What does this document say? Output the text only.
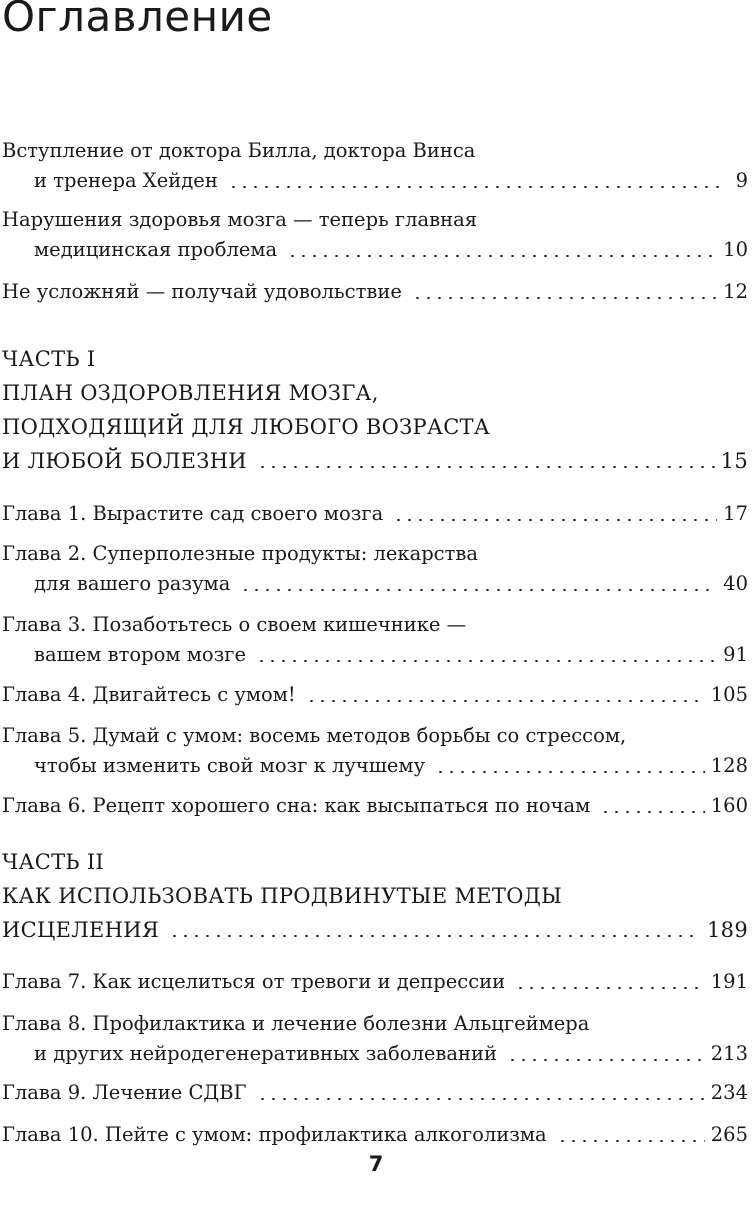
Оглавление
Вступление от доктора Билла, доктора Винса
и тренера Хейден	9
Нарушения здоровья мозга — теперь главная
медицинская проблема	10
Не усложняй — получай удовольствие	12
ЧАСТЬ I
ПЛАН ОЗДОРОВЛЕНИЯ МОЗГА,
ПОДХОДЯЩИЙ ДЛЯ ЛЮБОГО ВОЗРАСТА
И ЛЮБОЙ БОЛЕЗНИ	15
Глава 1. Вырастите сад своего мозга	17
Глава 2. Суперполезные продукты: лекарства
для вашего разума	40
Глава 3. Позаботьтесь о своем кишечнике —
вашем втором мозге	91
Глава 4. Двигайтесь с умом!	105
Глава 5. Думай с умом: восемь методов борьбы со стрессом,
чтобы изменить свой мозг к лучшему	128
Глава 6. Рецепт хорошего сна: как высыпаться по ночам	160
ЧАСТЬ II
КАК ИСПОЛЬЗОВАТЬ ПРОДВИНУТЫЕ МЕТОДЫ
ИСЦЕЛЕНИЯ	189
Глава 7. Как исцелиться от тревоги и депрессии	191
Глава 8. Профилактика и лечение болезни Альцгеймера
и других нейродегенеративных заболеваний	213
Глава 9. Лечение СДВГ	234
Глава 10. Пейте с умом: профилактика алкоголизма	265
7
